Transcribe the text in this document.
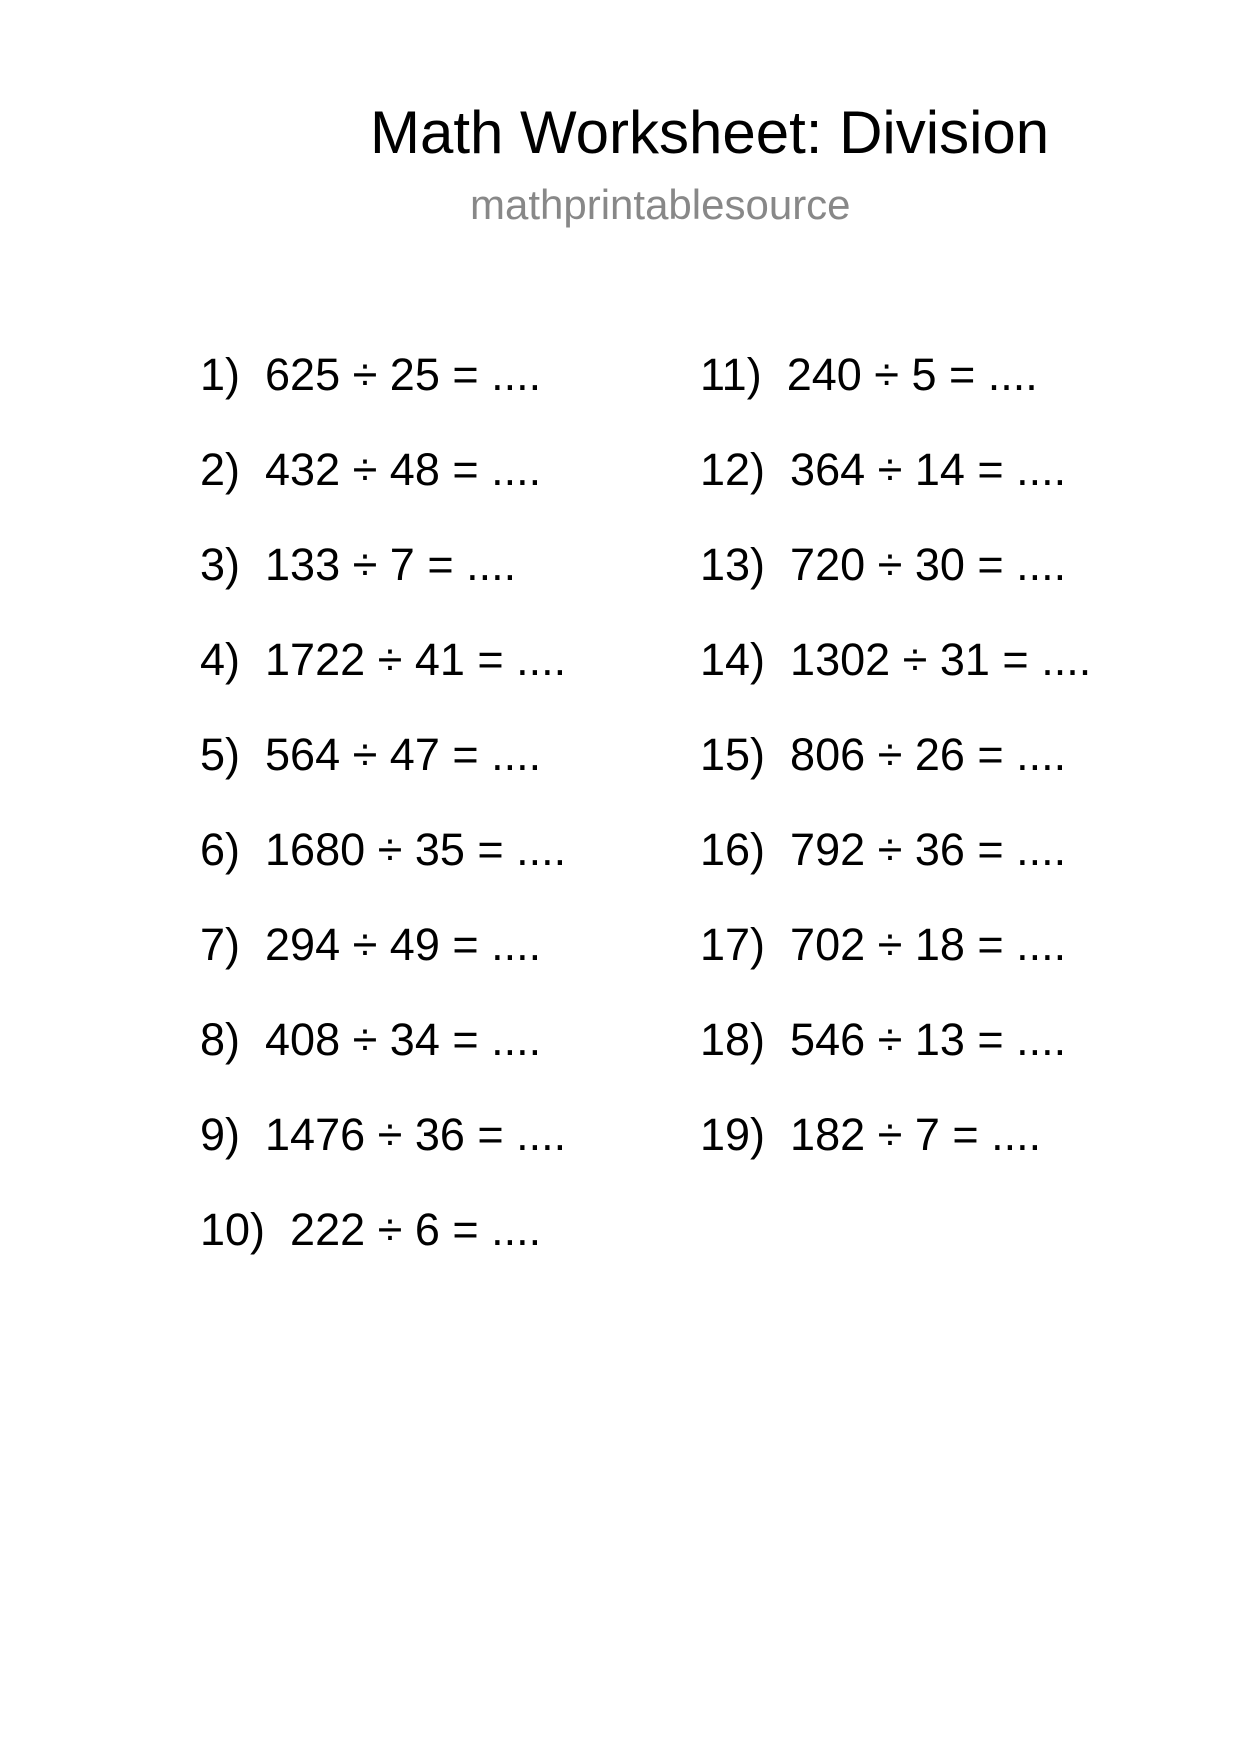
Math Worksheet: Division
mathprintablesource
1)  625 ÷ 25 = ....
2)  432 ÷ 48 = ....
3)  133 ÷ 7 = ....
4)  1722 ÷ 41 = ....
5)  564 ÷ 47 = ....
6)  1680 ÷ 35 = ....
7)  294 ÷ 49 = ....
8)  408 ÷ 34 = ....
9)  1476 ÷ 36 = ....
10)  222 ÷ 6 = ....
11)  240 ÷ 5 = ....
12)  364 ÷ 14 = ....
13)  720 ÷ 30 = ....
14)  1302 ÷ 31 = ....
15)  806 ÷ 26 = ....
16)  792 ÷ 36 = ....
17)  702 ÷ 18 = ....
18)  546 ÷ 13 = ....
19)  182 ÷ 7 = ....
